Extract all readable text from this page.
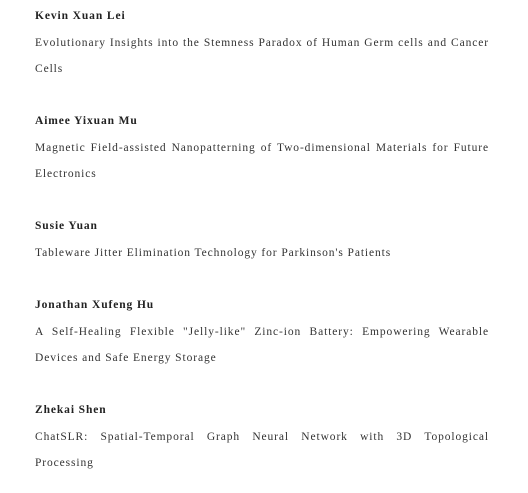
Kevin Xuan Lei

Evolutionary Insights into the Stemness Paradox of Human Germ cells and Cancer Cells

Aimee Yixuan Mu

Magnetic Field-assisted Nanopatterning of Two-dimensional Materials for Future Electronics

Susie Yuan

Tableware Jitter Elimination Technology for Parkinson's Patients

Jonathan Xufeng Hu

A Self-Healing Flexible "Jelly-like" Zinc-ion Battery: Empowering Wearable Devices and Safe Energy Storage

Zhekai Shen

ChatSLR: Spatial-Temporal Graph Neural Network with 3D Topological Processing
